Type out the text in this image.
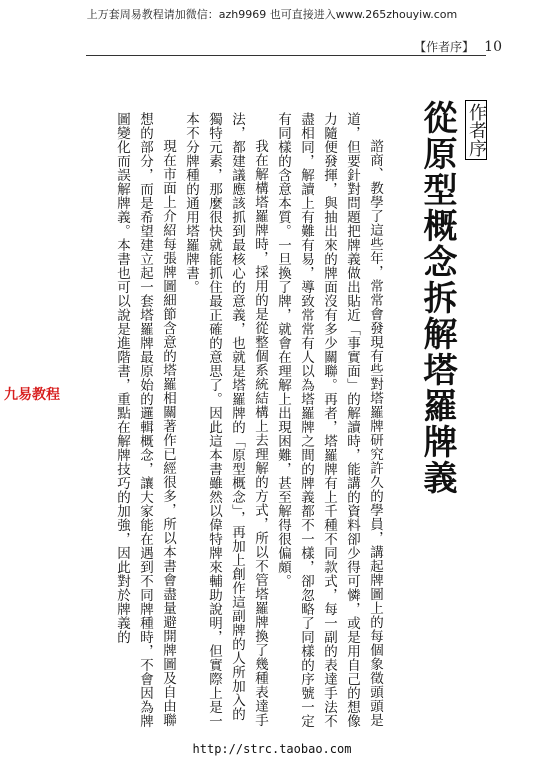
上万套周易教程请加微信：azh9969 也可直接进入www.265zhouyiw.com
【作者序】 10
作者序
從原型概念拆解塔羅牌義

諮商、教學了這些年，常常會發現有些對塔羅牌研究許久的學員，講起牌圖上的每個象徵頭頭是道，但要針對問題把牌義做出貼近「事實面」的解讀時，能講的資料卻少得可憐，或是用自己的想像力隨便發揮，與抽出來的牌面沒有多少關聯。再者，塔羅牌有上千種不同款式，每一副的表達手法不盡相同，解讀上有難有易，導致常常有人以為塔羅牌之間的牌義都不一樣，卻忽略了同樣的序號一定有同樣的含意本質。一旦換了牌，就會在理解上出現困難，甚至解得很偏頗。

我在解構塔羅牌時，採用的是從整個系統結構上去理解的方式，所以不管塔羅牌換了幾種表達手法，都建議應該抓到最核心的意義，也就是塔羅牌的「原型概念」，再加上創作這副牌的人所加入的獨特元素，那麼很快就能抓住最正確的意思了。因此這本書雖然以偉特牌來輔助說明，但實際上是一本不分牌種的通用塔羅牌書。

現在市面上介紹每張牌圖細節含意的塔羅相關著作已經很多，所以本書會盡量避開牌圖及自由聯想的部分，而是希望建立起一套塔羅牌最原始的邏輯概念，讓大家能在遇到不同牌種時，不會因為牌圖變化而誤解牌義。本書也可以說是進階書，重點在解牌技巧的加強，因此對於牌義的

九易教程
http://strc.taobao.com
